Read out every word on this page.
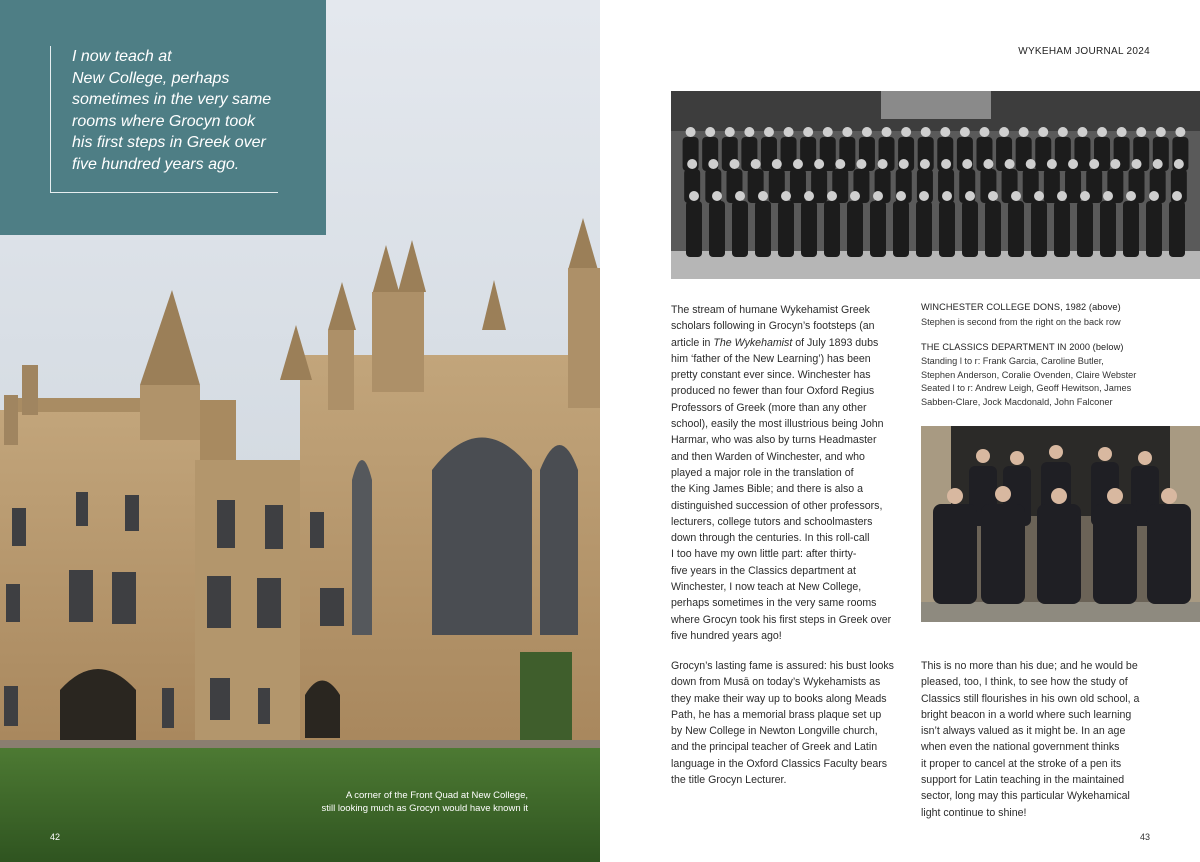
I now teach at
New College, perhaps
sometimes in the very same
rooms where Grocyn took
his first steps in Greek over
five hundred years ago.
A corner of the Front Quad at New College,
still looking much as Grocyn would have known it
42
WYKEHAM JOURNAL 2024
The stream of humane Wykehamist Greek
scholars following in Grocyn’s footsteps (an
article in The Wykehamist of July 1893 dubs
him ‘father of the New Learning’) has been
pretty constant ever since. Winchester has
produced no fewer than four Oxford Regius
Professors of Greek (more than any other
school), easily the most illustrious being John
Harmar, who was also by turns Headmaster
and then Warden of Winchester, and who
played a major role in the translation of
the King James Bible; and there is also a
distinguished succession of other professors,
lecturers, college tutors and schoolmasters
down through the centuries. In this roll-call
I too have my own little part: after thirty-
five years in the Classics department at
Winchester, I now teach at New College,
perhaps sometimes in the very same rooms
where Grocyn took his first steps in Greek over
five hundred years ago!
Grocyn’s lasting fame is assured: his bust looks
down from Musā on today’s Wykehamists as
they make their way up to books along Meads
Path, he has a memorial brass plaque set up
by New College in Newton Longville church,
and the principal teacher of Greek and Latin
language in the Oxford Classics Faculty bears
the title Grocyn Lecturer.
WINCHESTER COLLEGE DONS, 1982 (above)
Stephen is second from the right on the back row
THE CLASSICS DEPARTMENT IN 2000 (below)
Standing l to r: Frank Garcia, Caroline Butler,
Stephen Anderson, Coralie Ovenden, Claire Webster
Seated l to r: Andrew Leigh, Geoff Hewitson, James
Sabben-Clare, Jock Macdonald, John Falconer
This is no more than his due; and he would be
pleased, too, I think, to see how the study of
Classics still flourishes in his own old school, a
bright beacon in a world where such learning
isn’t always valued as it might be. In an age
when even the national government thinks
it proper to cancel at the stroke of a pen its
support for Latin teaching in the maintained
sector, long may this particular Wykehamical
light continue to shine!
43
